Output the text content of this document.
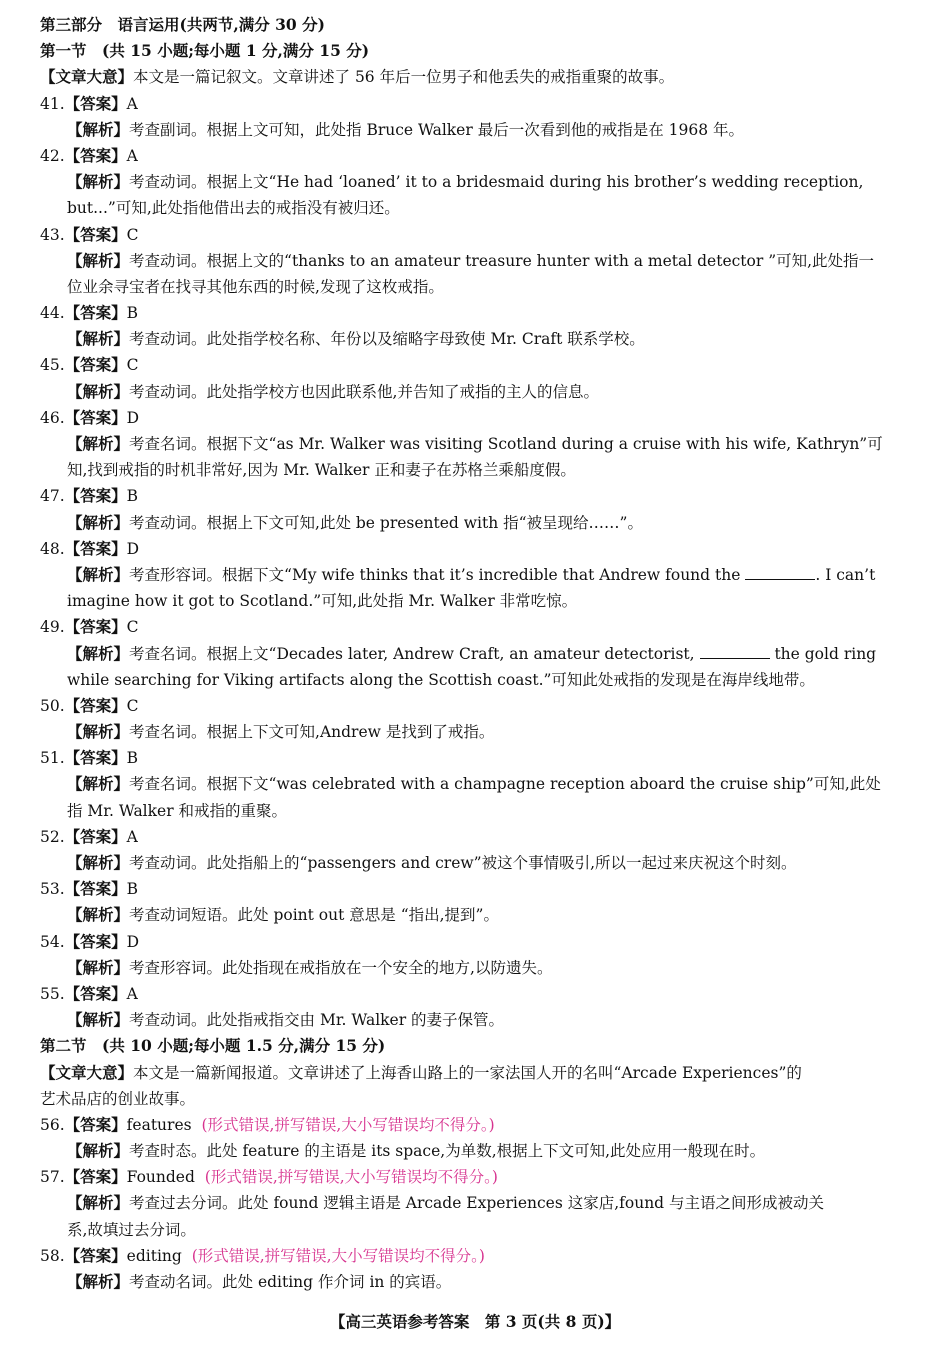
第三部分　语言运用(共两节,满分 30 分)
第一节　(共 15 小题;每小题 1 分,满分 15 分)
【文章大意】本文是一篇记叙文。文章讲述了 56 年后一位男子和他丢失的戒指重聚的故事。
41.【答案】A
【解析】考查副词。根据上文可知，此处指 Bruce Walker 最后一次看到他的戒指是在 1968 年。
42.【答案】A
【解析】考查动词。根据上文“He had ‘loaned’ it to a bridesmaid during his brother’s wedding reception,
but...”可知,此处指他借出去的戒指没有被归还。
43.【答案】C
【解析】考查动词。根据上文的“thanks to an amateur treasure hunter with a metal detector ”可知,此处指一
位业余寻宝者在找寻其他东西的时候,发现了这枚戒指。
44.【答案】B
【解析】考查动词。此处指学校名称、年份以及缩略字母致使 Mr. Craft 联系学校。
45.【答案】C
【解析】考查动词。此处指学校方也因此联系他,并告知了戒指的主人的信息。
46.【答案】D
【解析】考查名词。根据下文“as Mr. Walker was visiting Scotland during a cruise with his wife, Kathryn”可
知,找到戒指的时机非常好,因为 Mr. Walker 正和妻子在苏格兰乘船度假。
47.【答案】B
【解析】考查动词。根据上下文可知,此处 be presented with 指“被呈现给……”。
48.【答案】D
【解析】考查形容词。根据下文“My wife thinks that it’s incredible that Andrew found the	. I can’t
imagine how it got to Scotland.”可知,此处指 Mr. Walker 非常吃惊。
49.【答案】C
【解析】考查名词。根据上文“Decades later, Andrew Craft, an amateur detectorist,	the gold ring
while searching for Viking artifacts along the Scottish coast.”可知此处戒指的发现是在海岸线地带。
50.【答案】C
【解析】考查名词。根据上下文可知,Andrew 是找到了戒指。
51.【答案】B
【解析】考查名词。根据下文“was celebrated with a champagne reception aboard the cruise ship”可知,此处
指 Mr. Walker 和戒指的重聚。
52.【答案】A
【解析】考查动词。此处指船上的“passengers and crew”被这个事情吸引,所以一起过来庆祝这个时刻。
53.【答案】B
【解析】考查动词短语。此处 point out 意思是 “指出,提到”。
54.【答案】D
【解析】考查形容词。此处指现在戒指放在一个安全的地方,以防遗失。
55.【答案】A
【解析】考查动词。此处指戒指交由 Mr. Walker 的妻子保管。
第二节　(共 10 小题;每小题 1.5 分,满分 15 分)
【文章大意】本文是一篇新闻报道。文章讲述了上海香山路上的一家法国人开的名叫“Arcade Experiences”的
艺术品店的创业故事。
56.【答案】features (形式错误,拼写错误,大小写错误均不得分。)
【解析】考查时态。此处 feature 的主语是 its space,为单数,根据上下文可知,此处应用一般现在时。
57.【答案】Founded (形式错误,拼写错误,大小写错误均不得分。)
【解析】考查过去分词。此处 found 逻辑主语是 Arcade Experiences 这家店,found 与主语之间形成被动关
系,故填过去分词。
58.【答案】editing (形式错误,拼写错误,大小写错误均不得分。)
【解析】考查动名词。此处 editing 作介词 in 的宾语。
【高三英语参考答案　第 3 页(共 8 页)】
